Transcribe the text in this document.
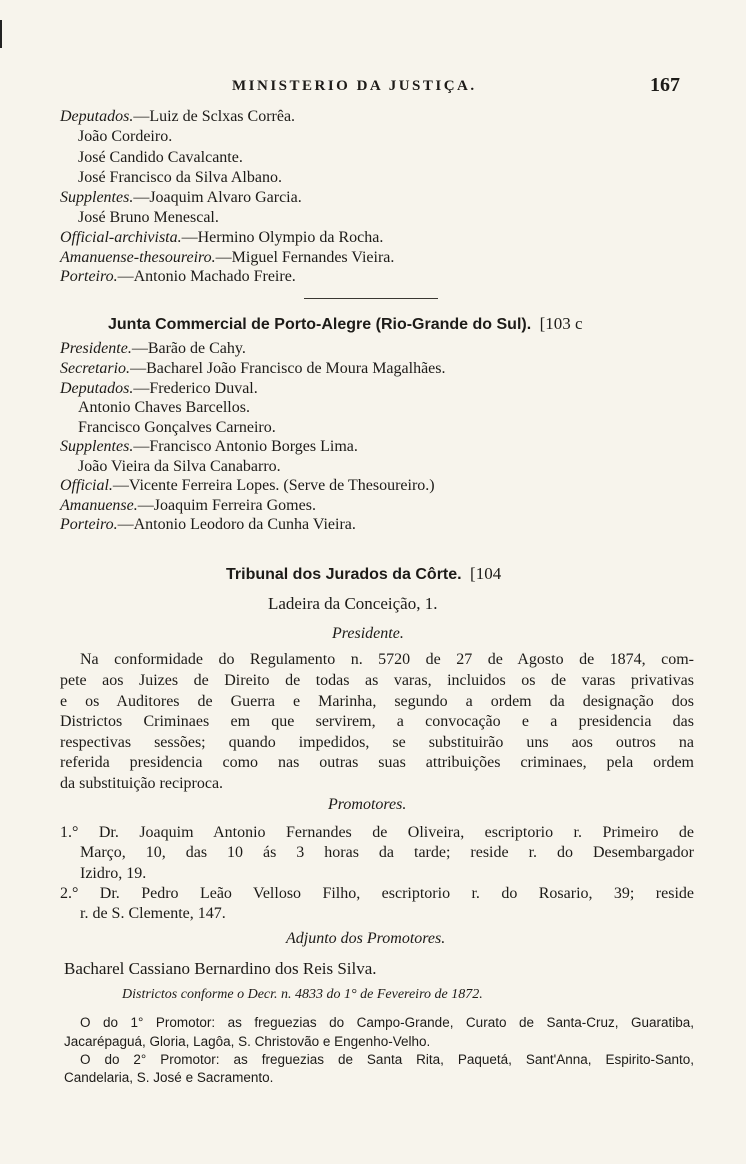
MINISTERIO DA JUSTIÇA.	167
Deputados.—Luiz de Sclxas Corrêa.
João Cordeiro.
José Candido Cavalcante.
José Francisco da Silva Albano.
Supplentes.—Joaquim Alvaro Garcia.
José Bruno Menescal.
Official-archivista.—Hermino Olympio da Rocha.
Amanuense-thesoureiro.—Miguel Fernandes Vieira.
Porteiro.—Antonio Machado Freire.
Junta Commercial de Porto-Alegre (Rio-Grande do Sul). [103 c
Presidente.—Barão de Cahy.
Secretario.—Bacharel João Francisco de Moura Magalhães.
Deputados.—Frederico Duval.
Antonio Chaves Barcellos.
Francisco Gonçalves Carneiro.
Supplentes.—Francisco Antonio Borges Lima.
João Vieira da Silva Canabarro.
Official.—Vicente Ferreira Lopes. (Serve de Thesoureiro.)
Amanuense.—Joaquim Ferreira Gomes.
Porteiro.—Antonio Leodoro da Cunha Vieira.
Tribunal dos Jurados da Côrte. [104
Ladeira da Conceição, 1.
Presidente.
Na conformidade do Regulamento n. 5720 de 27 de Agosto de 1874, com-
pete aos Juizes de Direito de todas as varas, incluidos os de varas privativas
e os Auditores de Guerra e Marinha, segundo a ordem da designação dos
Districtos Criminaes em que servirem, a convocação e a presidencia das
respectivas sessões; quando impedidos, se substituirão uns aos outros na
referida presidencia como nas outras suas attribuições criminaes, pela ordem
da substituição reciproca.
Promotores.
1.° Dr. Joaquim Antonio Fernandes de Oliveira, escriptorio r. Primeiro de
Março, 10, das 10 ás 3 horas da tarde; reside r. do Desembargador
Izidro, 19.
2.° Dr. Pedro Leão Velloso Filho, escriptorio r. do Rosario, 39; reside
r. de S. Clemente, 147.
Adjunto dos Promotores.
Bacharel Cassiano Bernardino dos Reis Silva.
Districtos conforme o Decr. n. 4833 do 1° de Fevereiro de 1872.
O do 1° Promotor: as freguezias do Campo-Grande, Curato de Santa-Cruz, Guaratiba,
Jacarépaguá, Gloria, Lagôa, S. Christovão e Engenho-Velho.
O do 2° Promotor: as freguezias de Santa Rita, Paquetá, Sant'Anna, Espirito-Santo,
Candelaria, S. José e Sacramento.
